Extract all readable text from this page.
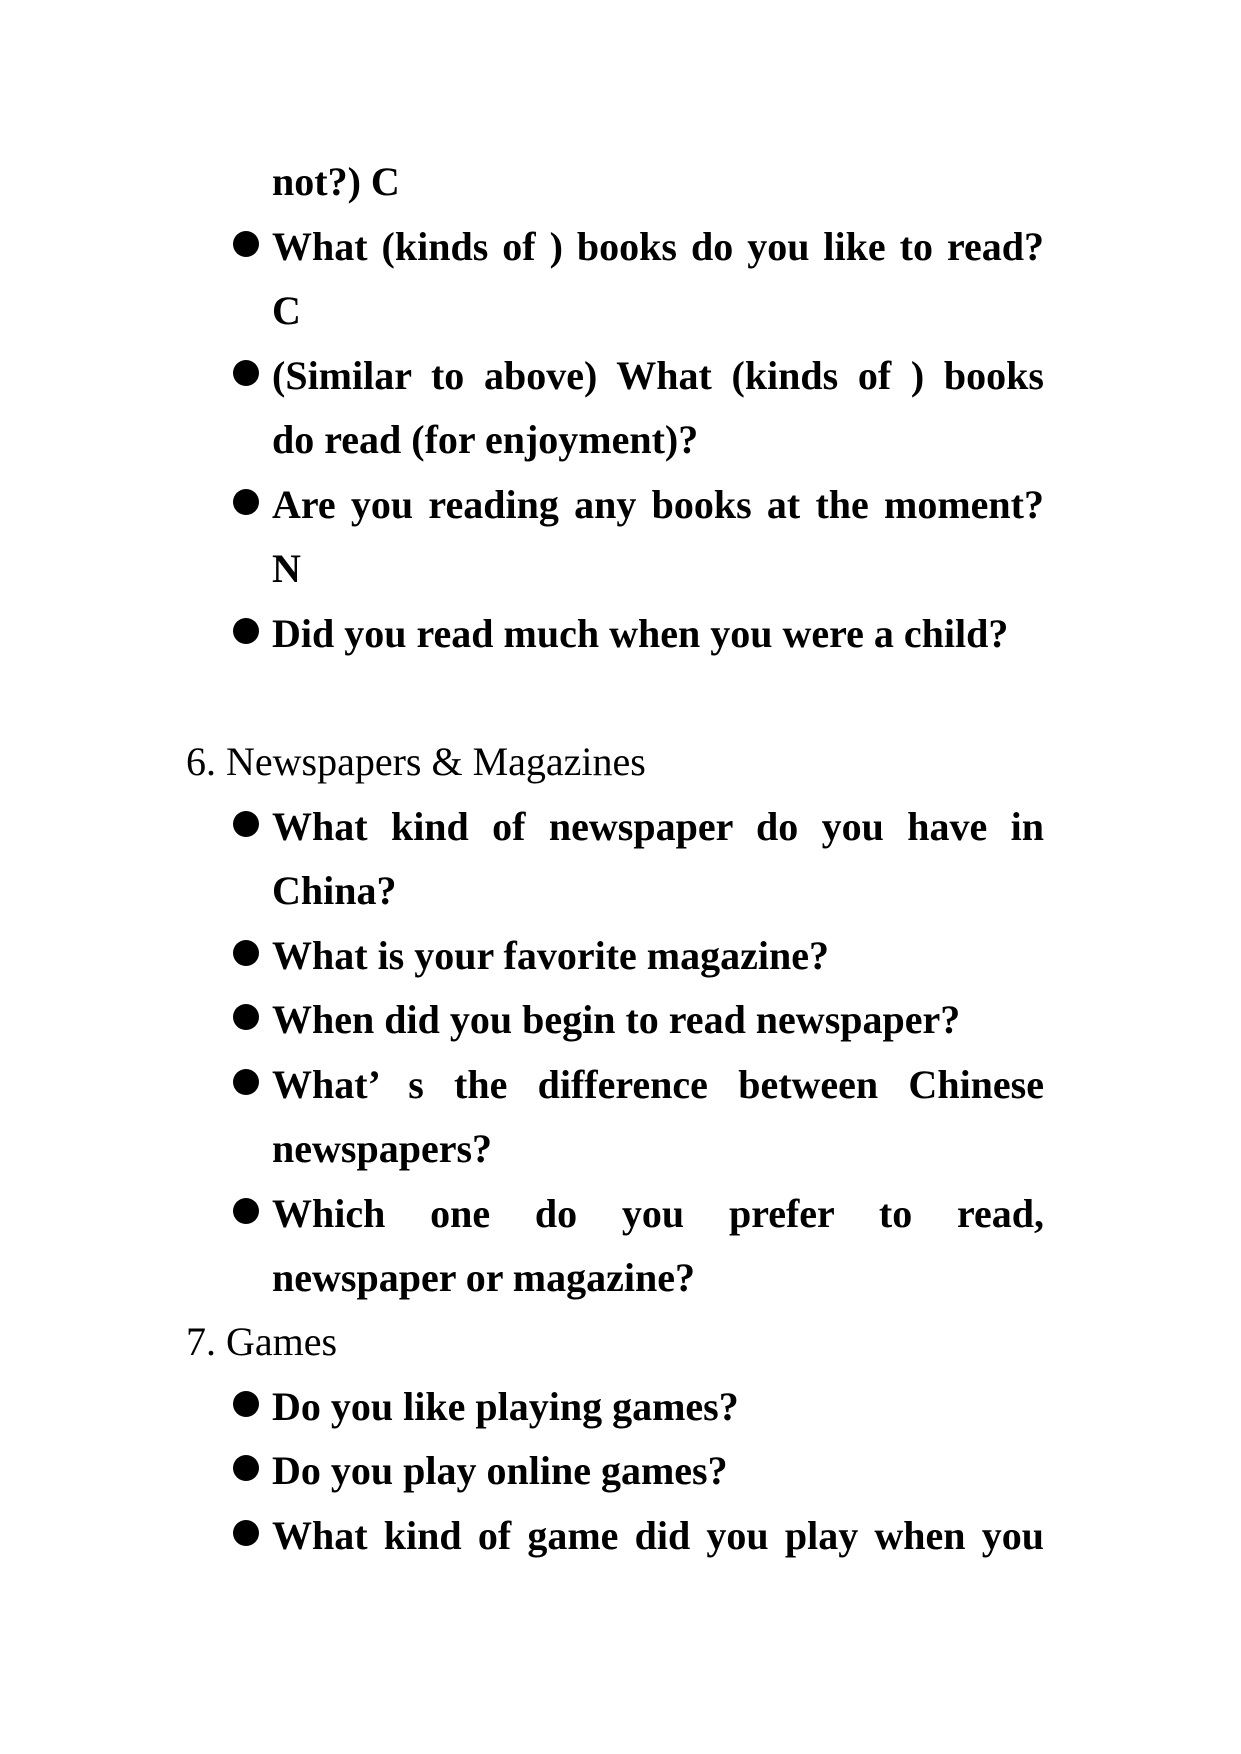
not?) C
What (kinds of ) books do you like to read?
C
(Similar to above) What (kinds of ) books
do read (for enjoyment)?
Are you reading any books at the moment?
N
Did you read much when you were a child?
6. Newspapers & Magazines
What kind of newspaper do you have in
China?
What is your favorite magazine?
When did you begin to read newspaper?
What’ s the difference between Chinese
newspapers?
Which one do you prefer to read,
newspaper or magazine?
7. Games
Do you like playing games?
Do you play online games?
What kind of game did you play when you
